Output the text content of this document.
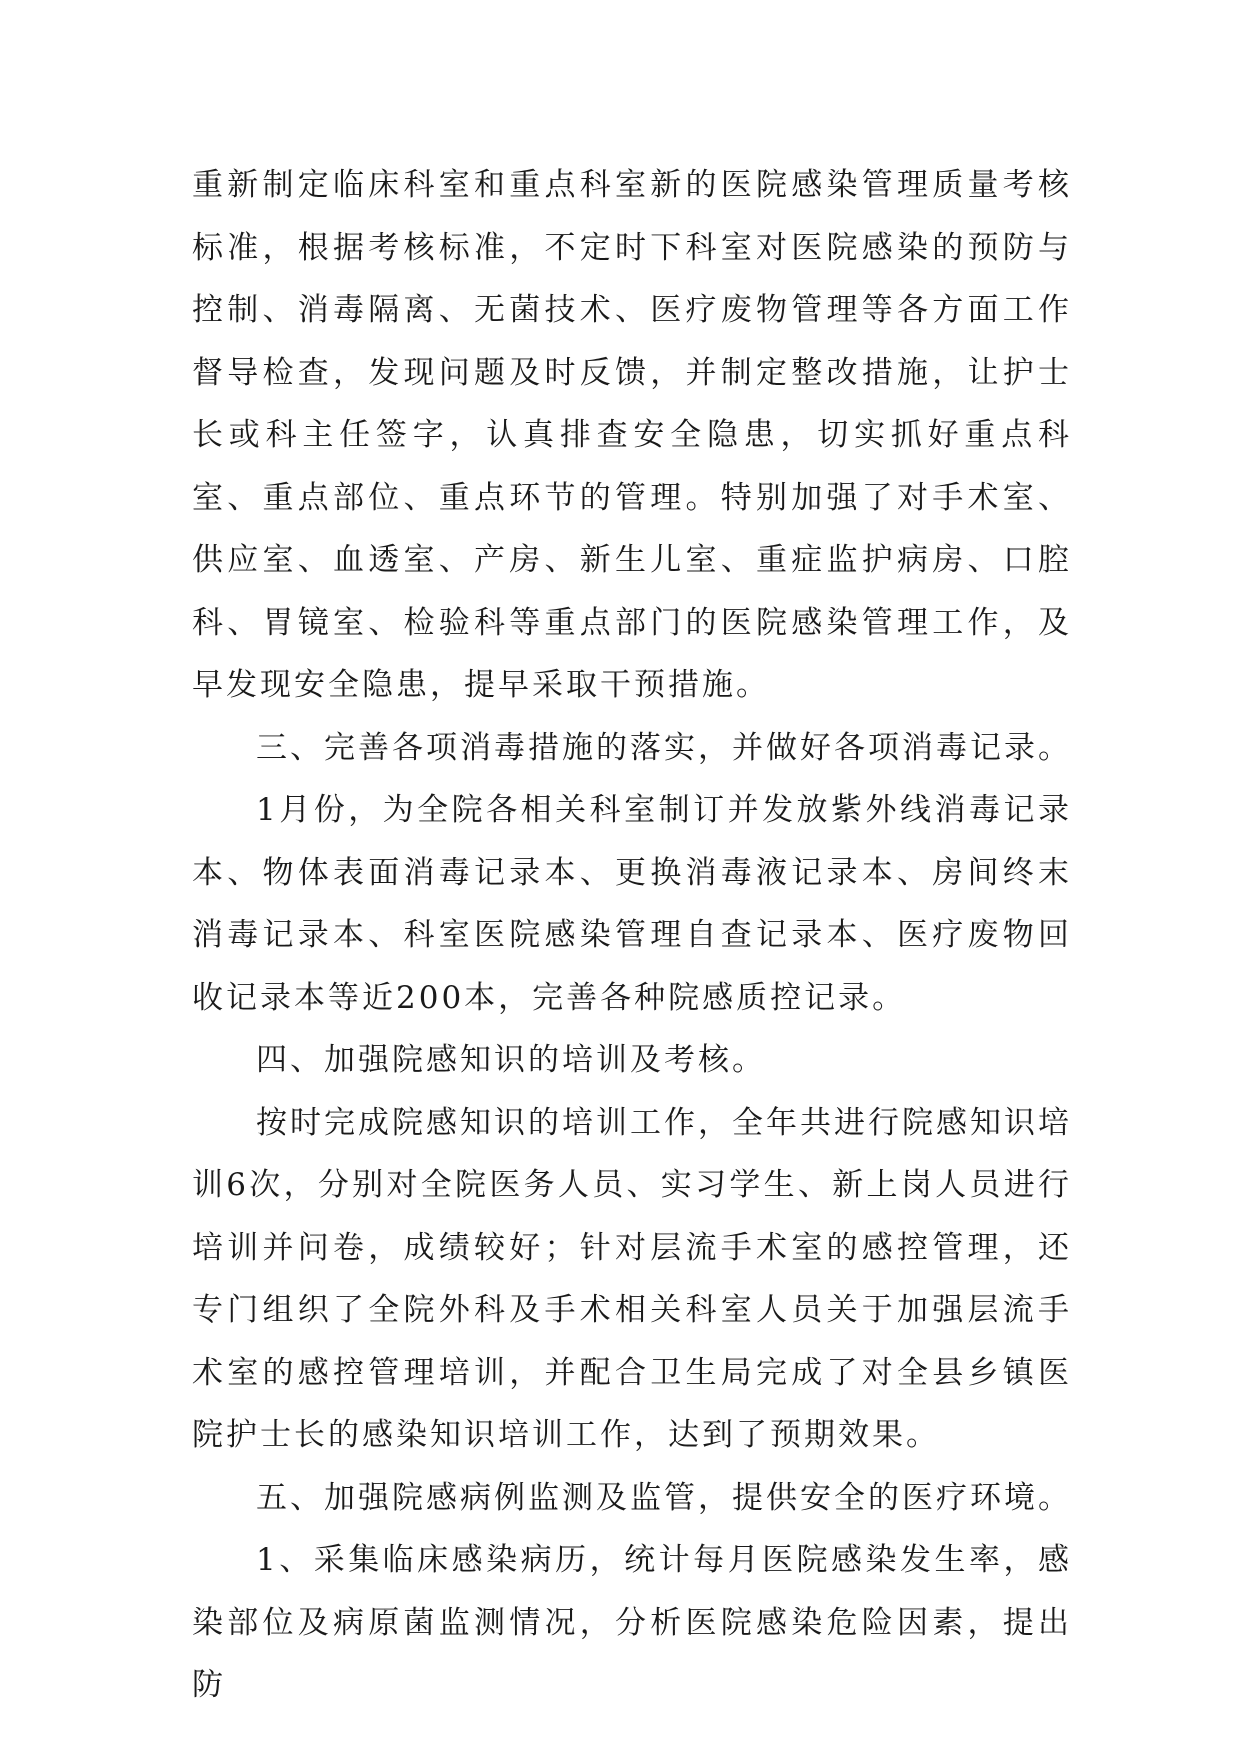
重新制定临床科室和重点科室新的医院感染管理质量考核标准，根据考核标准，不定时下科室对医院感染的预防与控制、消毒隔离、无菌技术、医疗废物管理等各方面工作督导检查，发现问题及时反馈，并制定整改措施，让护士长或科主任签字，认真排查安全隐患，切实抓好重点科室、重点部位、重点环节的管理。特别加强了对手术室、供应室、血透室、产房、新生儿室、重症监护病房、口腔科、胃镜室、检验科等重点部门的医院感染管理工作，及早发现安全隐患，提早采取干预措施。

三、完善各项消毒措施的落实，并做好各项消毒记录。

1月份，为全院各相关科室制订并发放紫外线消毒记录本、物体表面消毒记录本、更换消毒液记录本、房间终末消毒记录本、科室医院感染管理自查记录本、医疗废物回收记录本等近200本，完善各种院感质控记录。

四、加强院感知识的培训及考核。

按时完成院感知识的培训工作，全年共进行院感知识培训6次，分别对全院医务人员、实习学生、新上岗人员进行培训并问卷，成绩较好；针对层流手术室的感控管理，还专门组织了全院外科及手术相关科室人员关于加强层流手术室的感控管理培训，并配合卫生局完成了对全县乡镇医院护士长的感染知识培训工作，达到了预期效果。

五、加强院感病例监测及监管，提供安全的医疗环境。

1、采集临床感染病历，统计每月医院感染发生率，感染部位及病原菌监测情况，分析医院感染危险因素，提出防
